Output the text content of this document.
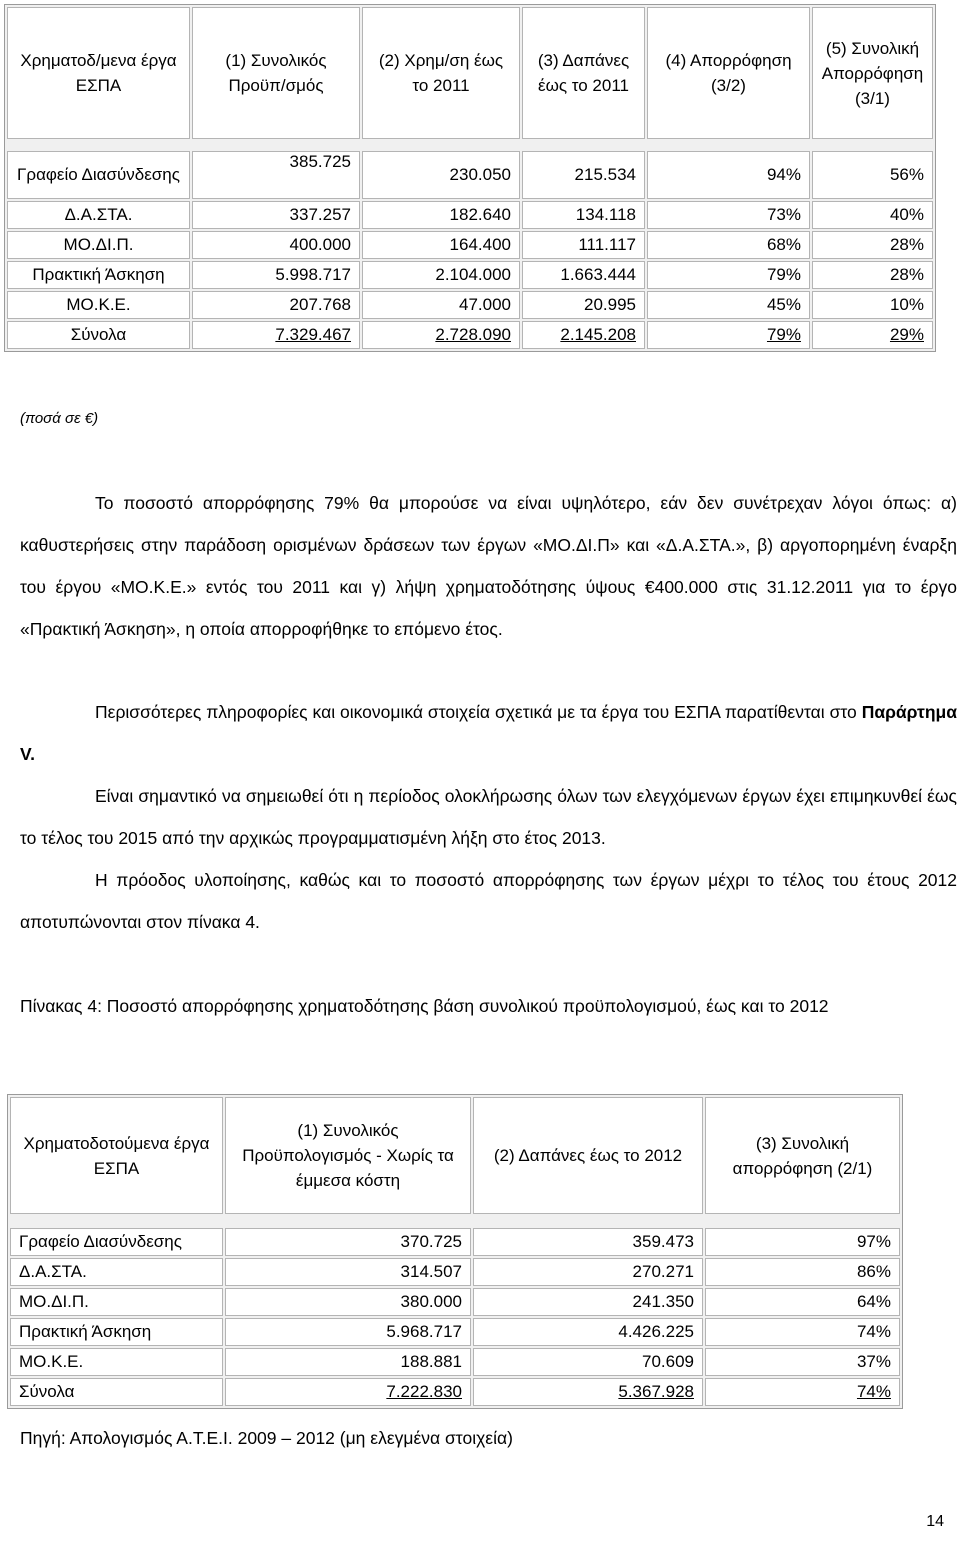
Χρηματοδ/μενα έργα ΕΣΠΑ	(1) Συνολικός Προϋπ/σμός	(2) Χρημ/ση έως το 2011	(3) Δαπάνες έως το 2011	(4) Απορρόφηση (3/2)	(5) Συνολική Απορρόφηση (3/1)

Γραφείο Διασύνδεσης	385.725	230.050	215.534	94%	56%
Δ.Α.ΣΤΑ.	337.257	182.640	134.118	73%	40%
ΜΟ.ΔΙ.Π.	400.000	164.400	111.117	68%	28%
Πρακτική Άσκηση	5.998.717	2.104.000	1.663.444	79%	28%
ΜΟ.Κ.Ε.	207.768	47.000	20.995	45%	10%
Σύνολα	7.329.467	2.728.090	2.145.208	79%	29%
(ποσά σε €)

Το ποσοστό απορρόφησης 79% θα μπορούσε να είναι υψηλότερο, εάν δεν συνέτρεχαν λόγοι όπως: α) καθυστερήσεις στην παράδοση ορισμένων δράσεων των έργων «ΜΟ.ΔΙ.Π» και «Δ.Α.ΣΤΑ.», β) αργοπορημένη έναρξη του έργου «ΜΟ.Κ.Ε.» εντός του 2011 και γ) λήψη χρηματοδότησης ύψους €400.000 στις 31.12.2011 για το έργο «Πρακτική Άσκηση», η οποία απορροφήθηκε το επόμενο έτος.

Περισσότερες πληροφορίες και οικονομικά στοιχεία σχετικά με τα έργα του ΕΣΠΑ παρατίθενται στο Παράρτημα V.

Είναι σημαντικό να σημειωθεί ότι η περίοδος ολοκλήρωσης όλων των ελεγχόμενων έργων έχει επιμηκυνθεί έως το τέλος του 2015 από την αρχικώς προγραμματισμένη λήξη στο έτος 2013.

Η πρόοδος υλοποίησης, καθώς και το ποσοστό απορρόφησης των έργων μέχρι το τέλος του έτους 2012 αποτυπώνονται στον πίνακα 4.

Πίνακας 4: Ποσοστό απορρόφησης χρηματοδότησης βάση συνολικού προϋπολογισμού, έως και το 2012
Χρηματοδοτούμενα έργα ΕΣΠΑ	(1) Συνολικός Προϋπολογισμός - Χωρίς τα έμμεσα κόστη	(2) Δαπάνες έως το 2012	(3) Συνολική απορρόφηση (2/1)

Γραφείο Διασύνδεσης	370.725	359.473	97%
Δ.Α.ΣΤΑ.	314.507	270.271	86%
ΜΟ.ΔΙ.Π.	380.000	241.350	64%
Πρακτική Άσκηση	5.968.717	4.426.225	74%
ΜΟ.Κ.Ε.	188.881	70.609	37%
Σύνολα	7.222.830	5.367.928	74%
Πηγή: Απολογισμός Α.Τ.Ε.Ι. 2009 – 2012 (μη ελεγμένα στοιχεία)
14
